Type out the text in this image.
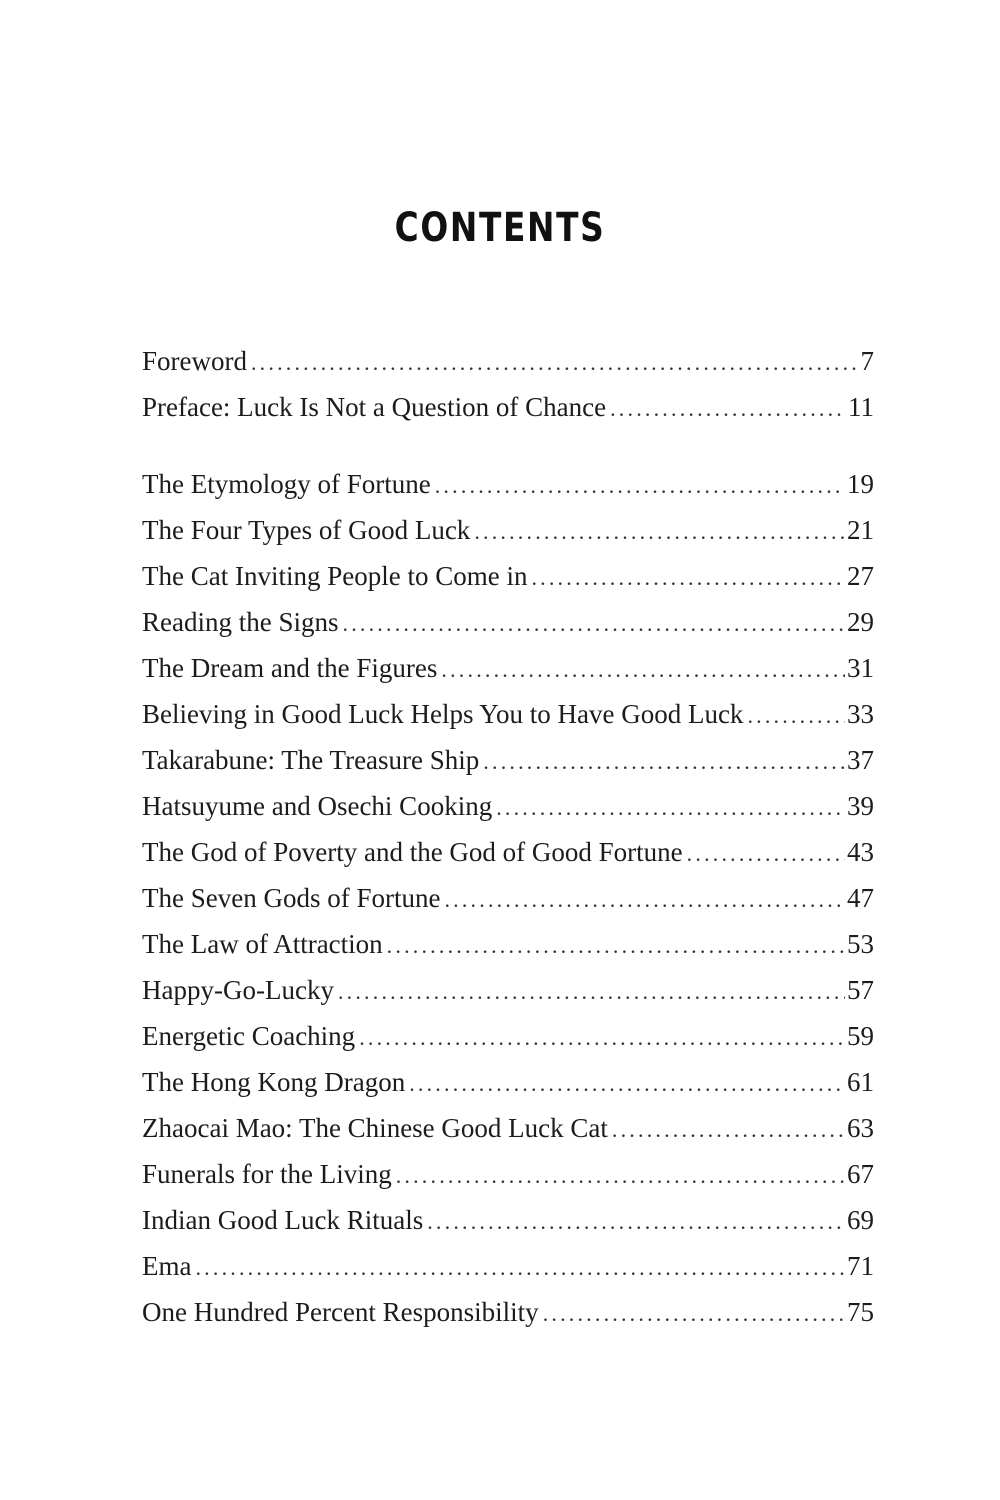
CONTENTS
Foreword .....	7
Preface: Luck Is Not a Question of Chance .....	11
The Etymology of Fortune .....	19
The Four Types of Good Luck .....	21
The Cat Inviting People to Come in .....	27
Reading the Signs .....	29
The Dream and the Figures .....	31
Believing in Good Luck Helps You to Have Good Luck .....	33
Takarabune: The Treasure Ship .....	37
Hatsuyume and Osechi Cooking .....	39
The God of Poverty and the God of Good Fortune .....	43
The Seven Gods of Fortune .....	47
The Law of Attraction .....	53
Happy-Go-Lucky .....	57
Energetic Coaching .....	59
The Hong Kong Dragon .....	61
Zhaocai Mao: The Chinese Good Luck Cat .....	63
Funerals for the Living .....	67
Indian Good Luck Rituals .....	69
Ema .....	71
One Hundred Percent Responsibility .....	75
